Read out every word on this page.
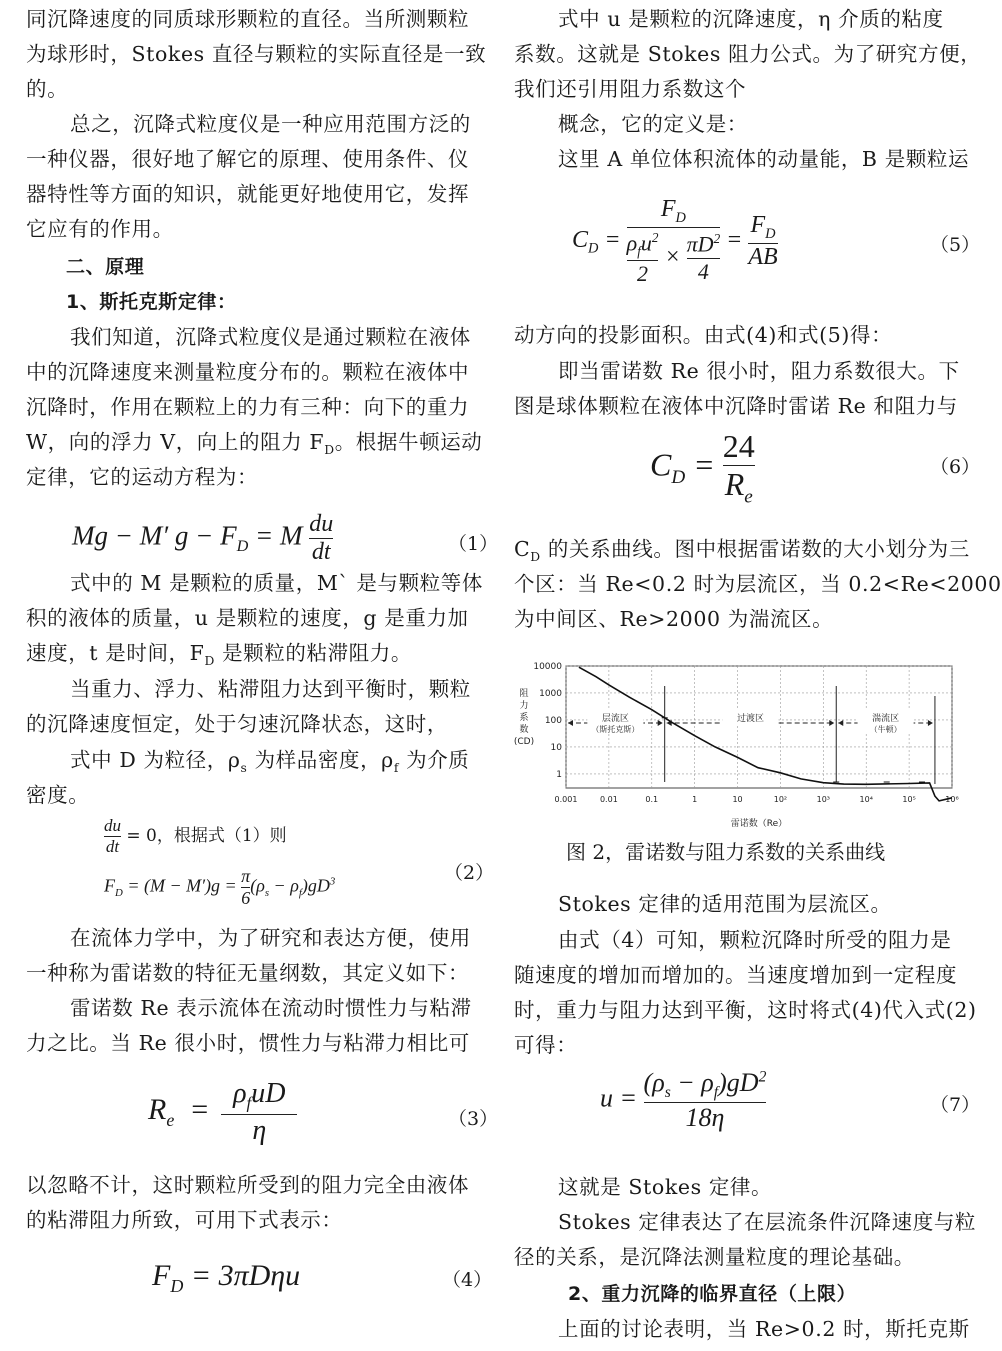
同沉降速度的同质球形颗粒的直径。当所测颗粒
为球形时，Stokes 直径与颗粒的实际直径是一致
的。
总之，沉降式粒度仪是一种应用范围方泛的
一种仪器，很好地了解它的原理、使用条件、仪
器特性等方面的知识，就能更好地使用它，发挥
它应有的作用。
二、原理
1、斯托克斯定律：
我们知道，沉降式粒度仪是通过颗粒在液体
中的沉降速度来测量粒度分布的。颗粒在液体中
沉降时，作用在颗粒上的力有三种：向下的重力
W，向的浮力 V，向上的阻力 $F_D$。根据牛顿运动
定律，它的运动方程为：
Mg − M′ $g - F_D = M \frac{du}{dt}$	（1）
式中的 M 是颗粒的质量，M` 是与颗粒等体
积的液体的质量，u 是颗粒的速度，g 是重力加
速度，t 是时间，$F_D$ 是颗粒的粘滞阻力。
当重力、浮力、粘滞阻力达到平衡时，颗粒
的沉降速度恒定，处于匀速沉降状态，这时，
式中 D 为粒径，$\rho_s$ 为样品密度，$\rho_f$ 为介质
密度。
$\frac{du}{dt} = 0$，根据式（1）则
$F_D = (M - M')g = \frac{\pi}{6} (\rho_s - \rho_f)gD^3$	（2）
在流体力学中，为了研究和表达方便，使用
一种称为雷诺数的特征无量纲数，其定义如下：
雷诺数 Re 表示流体在流动时惯性力与粘滞
力之比。当 Re 很小时，惯性力与粘滞力相比可
$R_e = \frac{\rho_fuD}{\eta}$	（3）
以忽略不计，这时颗粒所受到的阻力完全由液体
的粘滞阻力所致，可用下式表示：
$F_D = 3\pi D\eta u$	（4）
式中 u 是颗粒的沉降速度，η 介质的粘度
系数。这就是 Stokes 阻力公式。为了研究方便，
我们还引用阻力系数这个
概念，它的定义是：
这里 A 单位体积流体的动量能，B 是颗粒运
$C_D = \frac{F_D}{\frac{\rho_fu^2}{2} \times \frac{\pi D^2}{4}} = \frac{F_D}{AB}$	（5）
动方向的投影面积。由式(4)和式(5)得：
即当雷诺数 Re 很小时，阻力系数很大。下
图是球体颗粒在液体中沉降时雷诺 Re 和阻力与
$C_D = \frac{24}{R_e}$	（6）
$C_D$ 的关系曲线。图中根据雷诺数的大小划分为三
个区：当 Re<0.2 时为层流区，当 0.2<Re<2000
为中间区、Re>2000 为湍流区。
0.001	0.01	0.1	1	10	10²	10³	10⁴	10⁵	10⁶
10000
1000
100
10
1
阻
力
系
数
(CD)
雷诺数（Re）
层流区
（斯托克斯）
过渡区	湍流区
（牛顿）
图 2，雷诺数与阻力系数的关系曲线
Stokes 定律的适用范围为层流区。
由式（4）可知，颗粒沉降时所受的阻力是
随速度的增加而增加的。当速度增加到一定程度
时，重力与阻力达到平衡，这时将式(4)代入式(2)
可得：
$u = \frac{(\rho_s - \rho_f)gD^2}{18\eta}$	（7）
这就是 Stokes 定律。
Stokes 定律表达了在层流条件沉降速度与粒
径的关系，是沉降法测量粒度的理论基础。
2、重力沉降的临界直径（上限）
上面的讨论表明，当 Re>0.2 时，斯托克斯
